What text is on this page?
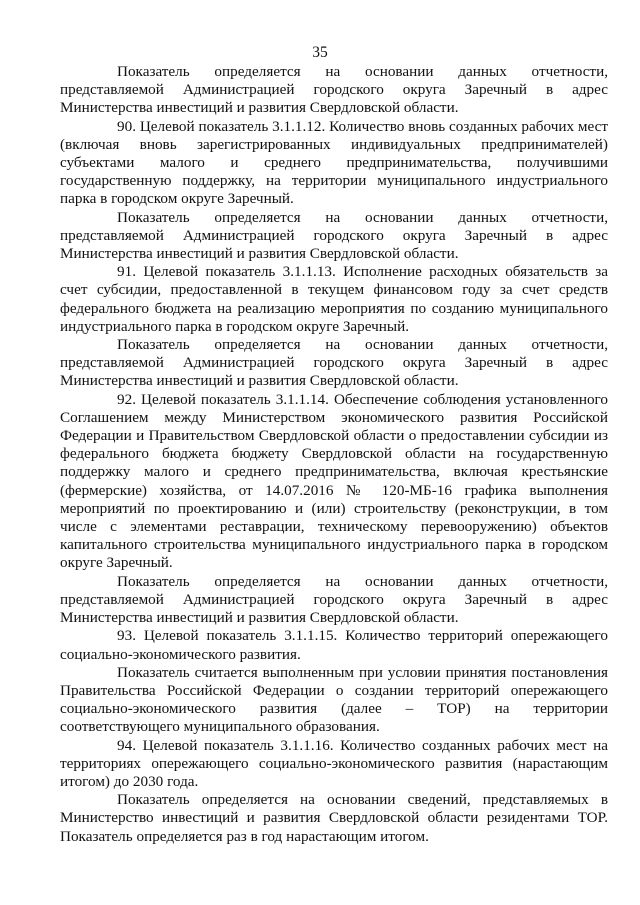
35

Показатель определяется на основании данных отчетности, представляемой Администрацией городского округа Заречный в адрес Министерства инвестиций и развития Свердловской области.

90. Целевой показатель 3.1.1.12. Количество вновь созданных рабочих мест (включая вновь зарегистрированных индивидуальных предпринимателей) субъектами малого и среднего предпринимательства, получившими государственную поддержку, на территории муниципального индустриального парка в городском округе Заречный.

Показатель определяется на основании данных отчетности, представляемой Администрацией городского округа Заречный в адрес Министерства инвестиций и развития Свердловской области.

91. Целевой показатель 3.1.1.13. Исполнение расходных обязательств за счет субсидии, предоставленной в текущем финансовом году за счет средств федерального бюджета на реализацию мероприятия по созданию муниципального индустриального парка в городском округе Заречный.

Показатель определяется на основании данных отчетности, представляемой Администрацией городского округа Заречный в адрес Министерства инвестиций и развития Свердловской области.

92. Целевой показатель 3.1.1.14. Обеспечение соблюдения установленного Соглашением между Министерством экономического развития Российской Федерации и Правительством Свердловской области о предоставлении субсидии из федерального бюджета бюджету Свердловской области на государственную поддержку малого и среднего предпринимательства, включая крестьянские (фермерские) хозяйства, от 14.07.2016 № 120-МБ-16 графика выполнения мероприятий по проектированию и (или) строительству (реконструкции, в том числе с элементами реставрации, техническому перевооружению) объектов капитального строительства муниципального индустриального парка в городском округе Заречный.

Показатель определяется на основании данных отчетности, представляемой Администрацией городского округа Заречный в адрес Министерства инвестиций и развития Свердловской области.

93. Целевой показатель 3.1.1.15. Количество территорий опережающего социально-экономического развития.

Показатель считается выполненным при условии принятия постановления Правительства Российской Федерации о создании территорий опережающего социально-экономического развития (далее – ТОР) на территории соответствующего муниципального образования.

94. Целевой показатель 3.1.1.16. Количество созданных рабочих мест на территориях опережающего социально-экономического развития (нарастающим итогом) до 2030 года.

Показатель определяется на основании сведений, представляемых в Министерство инвестиций и развития Свердловской области резидентами ТОР. Показатель определяется раз в год нарастающим итогом.
